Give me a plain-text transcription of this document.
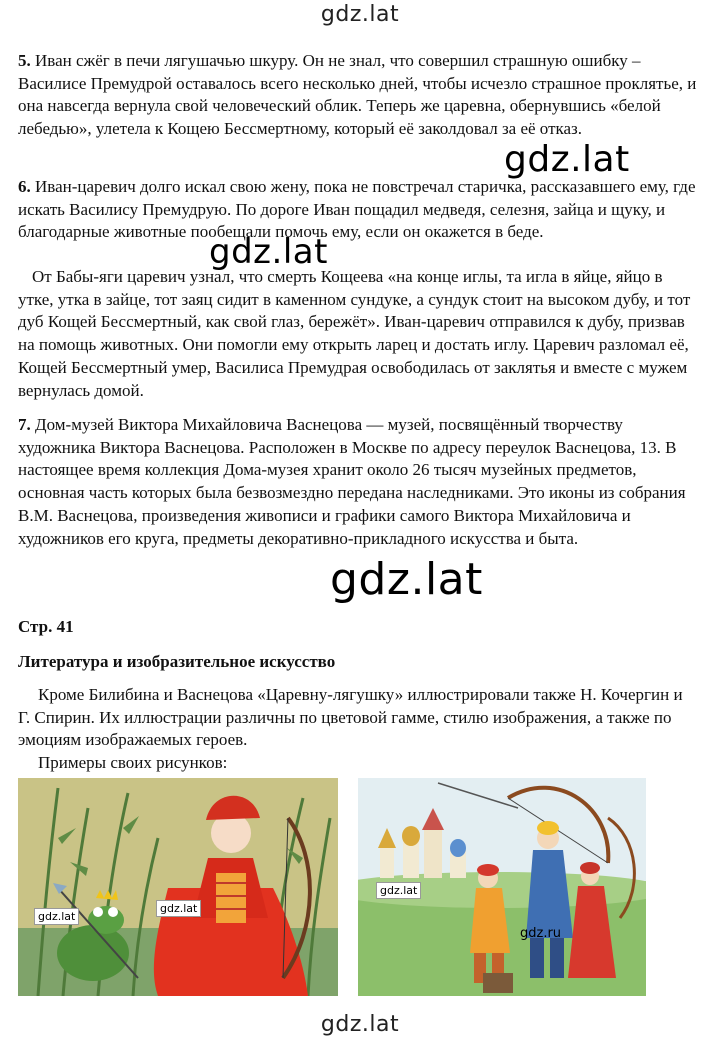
gdz.lat
gdz.lat
gdz.lat
gdz.lat
gdz.lat

5. Иван сжёг в печи лягушачью шкуру. Он не знал, что совершил страшную ошибку – Василисе Премудрой оставалось всего несколько дней, чтобы исчезло страшное проклятье, и она навсегда вернула свой человеческий облик. Теперь же царевна, обернувшись «белой лебедью», улетела к Кощею Бессмертному, который её заколдовал за её отказ.

6. Иван-царевич долго искал свою жену, пока не повстречал старичка, рассказавшего ему, где искать Василису Премудрую. По дороге Иван пощадил медведя, селезня, зайца и щуку, и благодарные животные пообещали помочь ему, если он окажется в беде.

От Бабы-яги царевич узнал, что смерть Кощеева «на конце иглы, та игла в яйце, яйцо в утке, утка в зайце, тот заяц сидит в каменном сундуке, а сундук стоит на высоком дубу, и тот дуб Кощей Бессмертный, как свой глаз, бережёт». Иван-царевич отправился к дубу, призвав на помощь животных. Они помогли ему открыть ларец и достать иглу. Царевич разломал её, Кощей Бессмертный умер, Василиса Премудрая освободилась от заклятья и вместе с мужем вернулась домой.

7. Дом-музей Виктора Михайловича Васнецова — музей, посвящённый творчеству художника Виктора Васнецова. Расположен в Москве по адресу переулок Васнецова, 13. В настоящее время коллекция Дома-музея хранит около 26 тысяч музейных предметов, основная часть которых была безвозмездно передана наследниками. Это иконы из собрания В.М. Васнецова, произведения живописи и графики самого Виктора Михайловича и художников его круга, предметы декоративно-прикладного искусства и быта.

Стр. 41

Литература и изобразительное искусство

Кроме Билибина и Васнецова «Царевну-лягушку» иллюстрировали также Н. Кочергин и Г. Спирин. Их иллюстрации различны по цветовой гамме, стилю изображения, а также по эмоциям изображаемых героев.

Примеры своих рисунков:

gdz.lat
gdz.lat
gdz.lat
gdz.ru
